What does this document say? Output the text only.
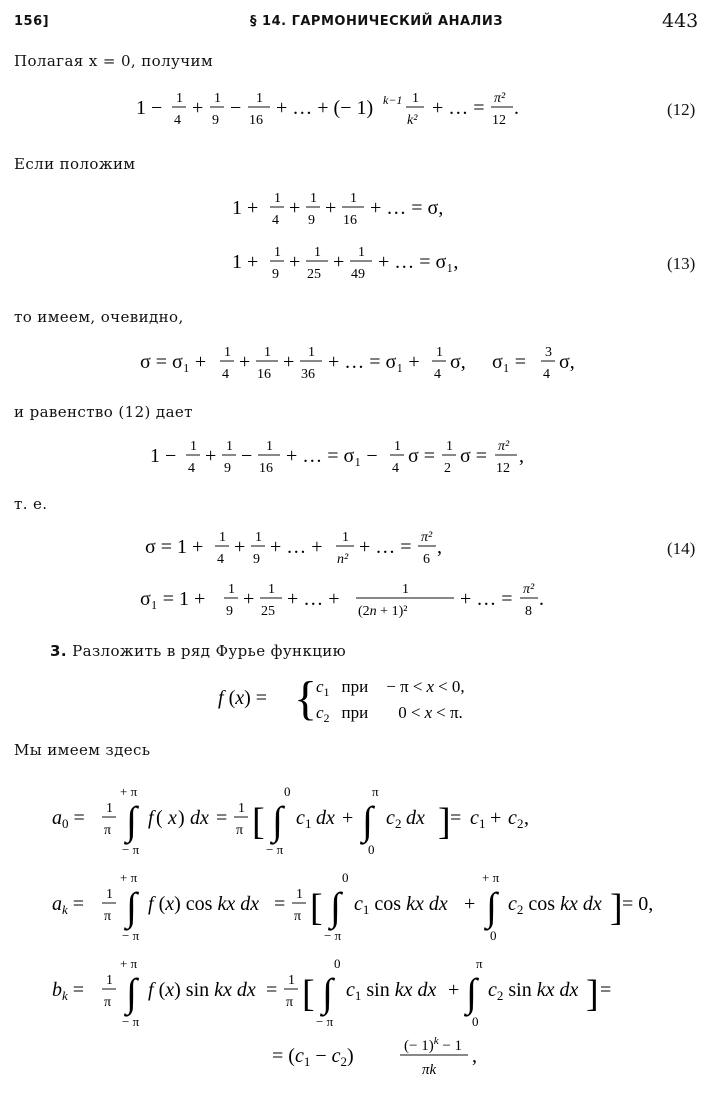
156]	§ 14. ГАРМОНИЧЕСКИЙ АНАЛИЗ	443
Полагая x = 0, получим
1 − 1
4
+ 1
9
− 1
16
+ … + (− 1) k−1 1
k²
+ … = π²
12
.	(12)
Если положим
1 + 1
4
+ 1
9
+ 1
16
+ … = σ,
1 + 1
9
+ 1
25
+ 1
49
+ … = σ₁,	(13)
то имеем, очевидно,
σ = σ₁ + 1
4
+ 1
16
+ 1
36
+ … = σ₁ + 1
4
σ, σ₁ = 3
4
σ,
и равенство (12) дает
1 − 1
4
+ 1
9
− 1
16
+ … = σ₁ − 1
4
σ = 1
2
σ = π²
12
,
т. е.
σ = 1 + 1
4
+ 1
9
+ … + 1
n²
+ … = π²
6
,	(14)
σ₁ = 1 + 1
9
+ 1
25
+ … +	1
(2n + 1)²
+ … = π²
8
.
3. Разложить в ряд Фурье функцию
f (x) = {
$c_1$ при − π < x < 0,
$c_2$ при 0 < x < π.
Мы имеем здесь
$a_0 = 1$
π
+ π
∫
− π
f ( x ) dx = 1
π [
0
∫
− π
c 1 dx +
π
∫
0
c 2 dx ] = c 1 + c 2 ,
$a_k = 1$
π
+ π
∫
− π
f (x) cos kx dx = 1
π [
0
∫
− π
$c_1$ cos kx dx +
+ π
∫
0
$c_2$ cos kx dx ] = 0,
$b_k = 1$
π
+ π
∫
− π
f (x) sin kx dx = 1
π [
0
∫
− π
$c_1$ sin kx dx +
π
∫
0
$c_2$ sin kx dx ] =
= $(c_1 - c_2)$	(− 1)$^k$ − 1
πk
,
